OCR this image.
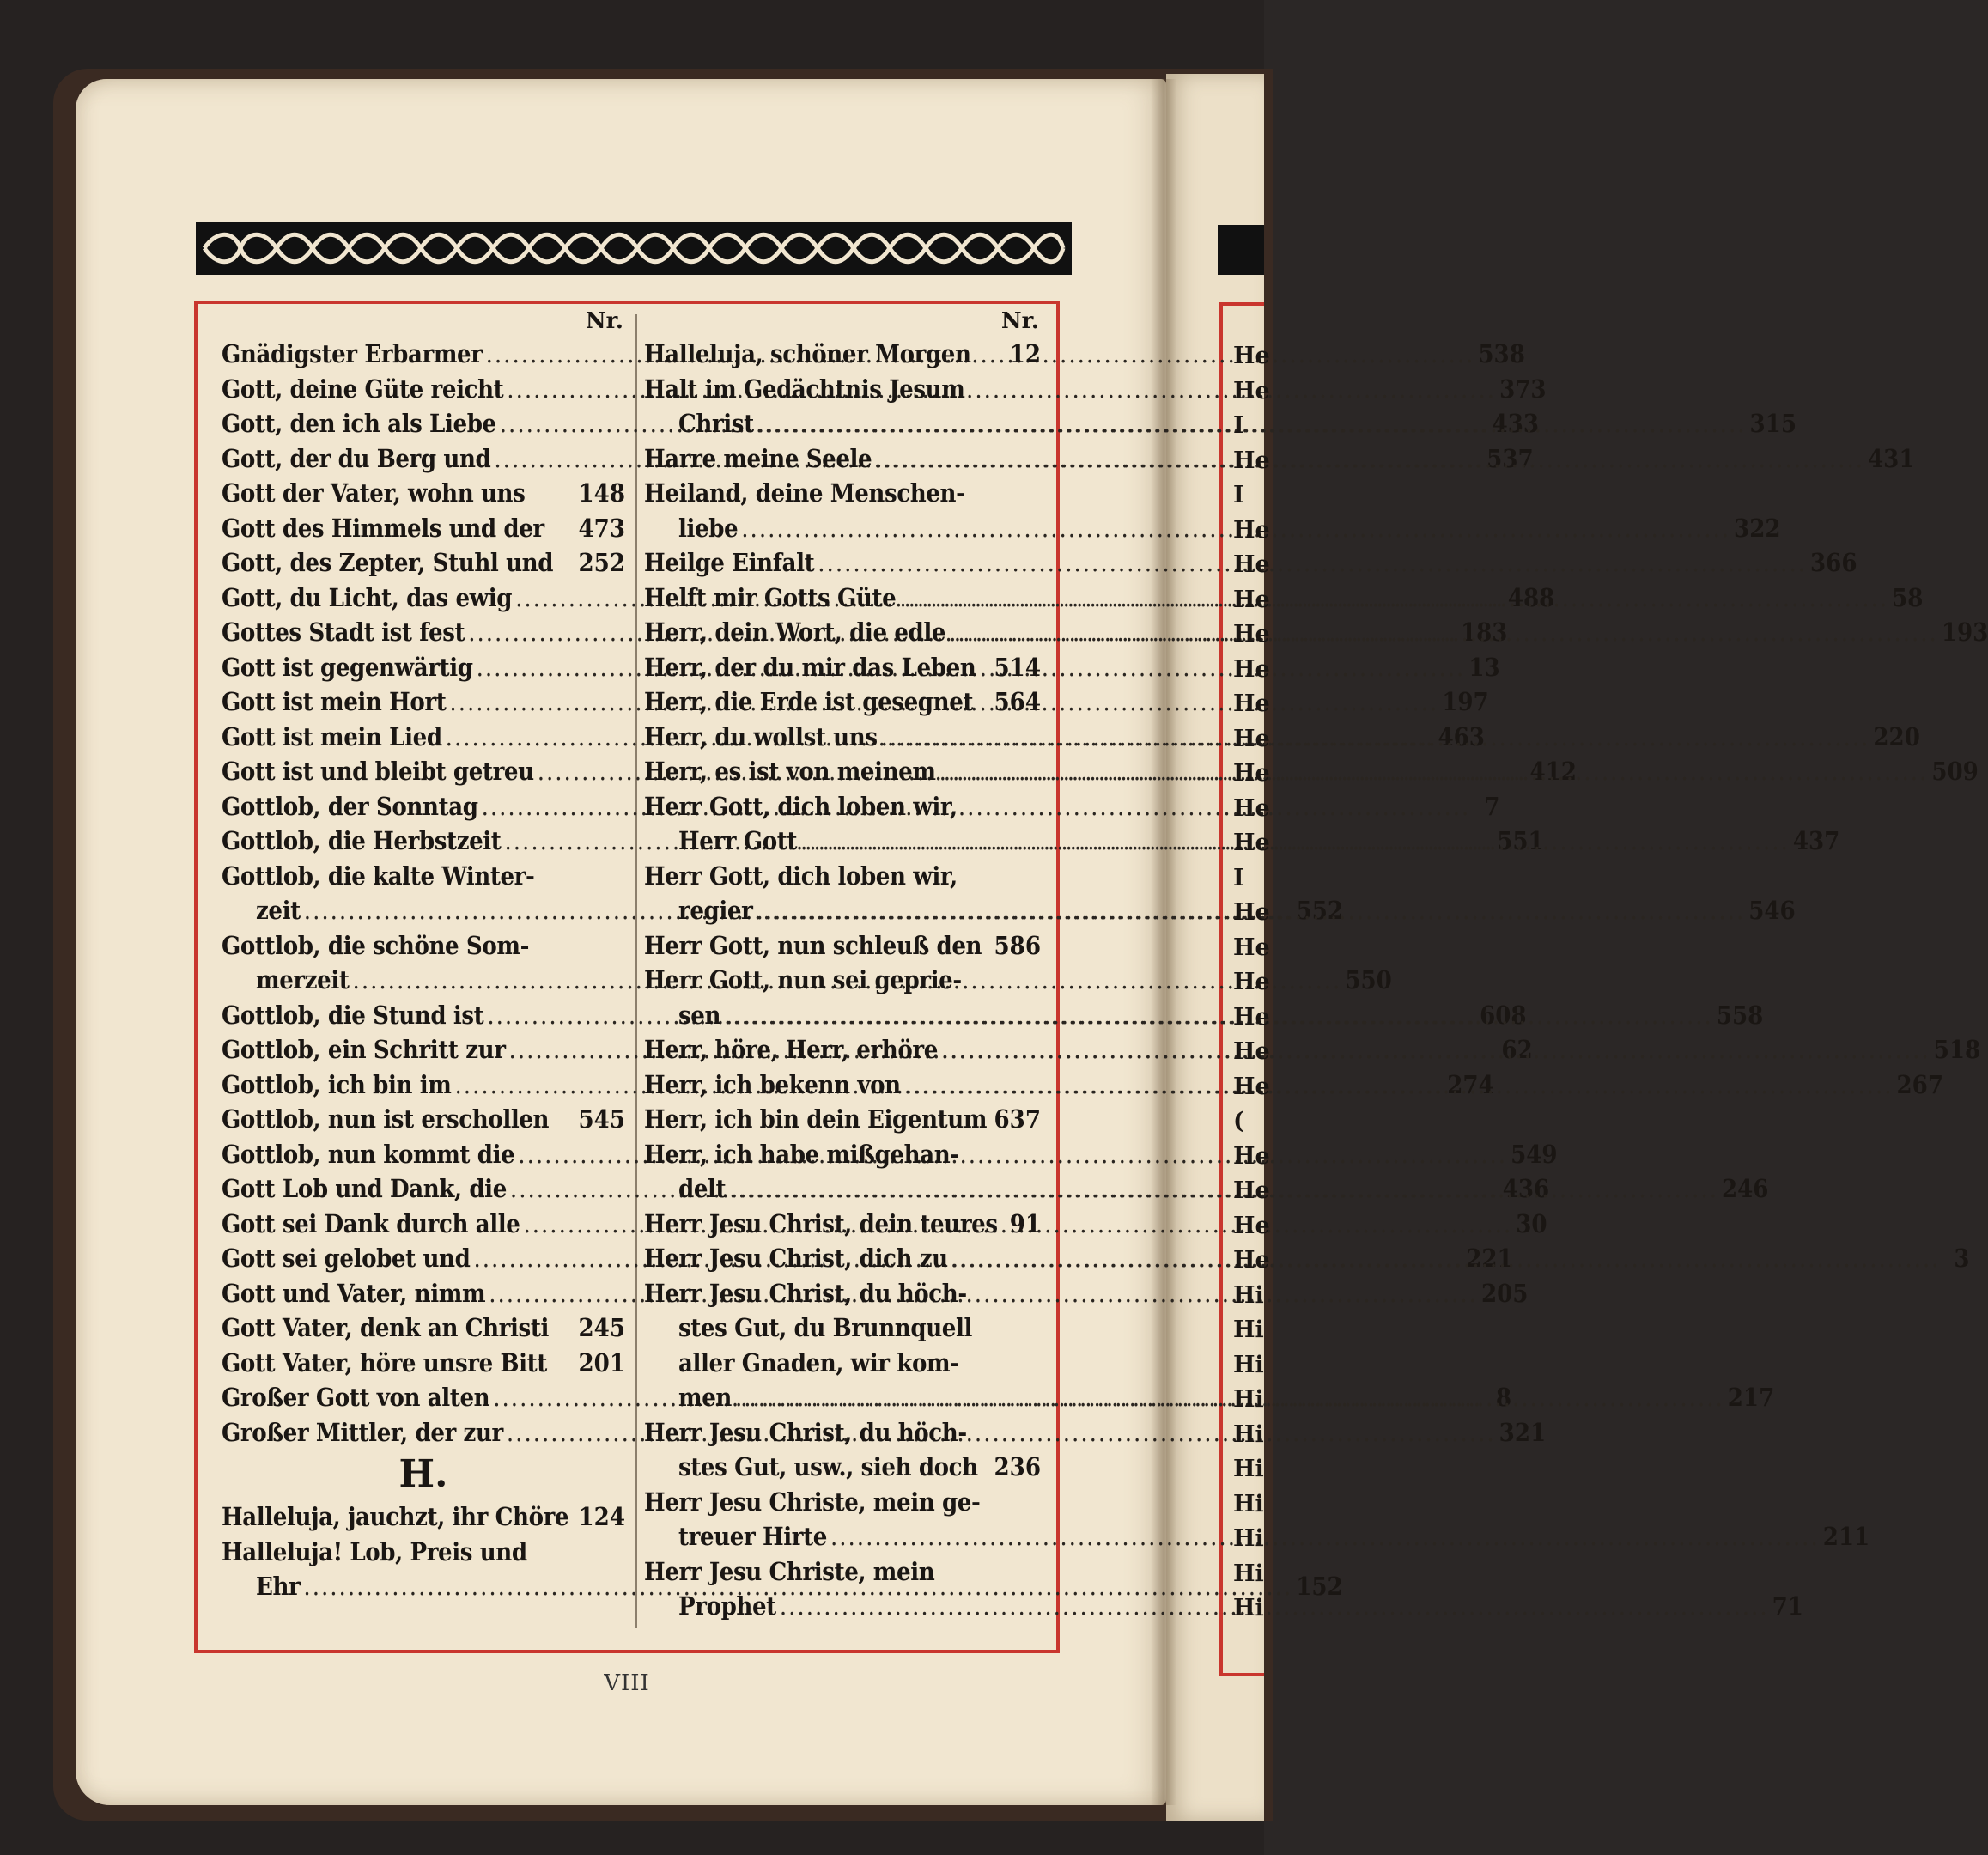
Nr.
Gnädigster Erbarmer .....	538
Gott, deine Güte reicht .....	373
Gott, den ich als Liebe .....	433
Gott, der du Berg und .....	537
Gott der Vater, wohn uns 148
Gott des Himmels und der 473
Gott, des Zepter, Stuhl und 252
Gott, du Licht, das ewig .....	488
Gottes Stadt ist fest .....	183
Gott ist gegenwärtig .....	13
Gott ist mein Hort .....	197
Gott ist mein Lied .....	463
Gott ist und bleibt getreu .....	412
Gottlob, der Sonntag .....	7
Gottlob, die Herbstzeit .....	551
Gottlob, die kalte Winter-
zeit .....	552
Gottlob, die schöne Som-
merzeit .....	550
Gottlob, die Stund ist .....	608
Gottlob, ein Schritt zur .....	62
Gottlob, ich bin im .....	274
Gottlob, nun ist erschollen 545
Gottlob, nun kommt die .....	549
Gott Lob und Dank, die .....	436
Gott sei Dank durch alle .....	30
Gott sei gelobet und .....	221
Gott und Vater, nimm .....	205
Gott Vater, denk an Christi 245
Gott Vater, höre unsre Bitt 201
Großer Gott von alten .....	8
Großer Mittler, der zur .....	321
H.
Halleluja, jauchzt, ihr Chöre 124
Halleluja! Lob, Preis und
Ehr .....	152
Nr.
Halleluja, schöner Morgen 12
Halt im Gedächtnis Jesum
Christ .....	315
Harre meine Seele .....	431
Heiland, deine Menschen-
liebe .....	322
Heilge Einfalt .....	366
Helft mir Gotts Güte .....	58
Herr, dein Wort, die edle .....	193
Herr, der du mir das Leben 514
Herr, die Erde ist gesegnet 564
Herr, du wollst uns .....	220
Herr, es ist von meinem .....	509
Herr Gott, dich loben wir,
Herr Gott .....	437
Herr Gott, dich loben wir,
regier .....	546
Herr Gott, nun schleuß den 586
Herr Gott, nun sei geprie-
sen .....	558
Herr, höre, Herr, erhöre .....	518
Herr, ich bekenn von .....	267
Herr, ich bin dein Eigentum 637
Herr, ich habe mißgehan-
delt .....	246
Herr Jesu Christ, dein teures 91
Herr Jesu Christ, dich zu .....	3
Herr Jesu Christ, du höch-
stes Gut, du Brunnquell
aller Gnaden, wir kom-
men .....	217
Herr Jesu Christ, du höch-
stes Gut, usw., sieh doch 236
Herr Jesu Christe, mein ge-
treuer Hirte .....	211
Herr Jesu Christe, mein
Prophet .....	71
He
He
I
He
I
He
He
He
He
He
He
He
He
He
He
I
He
He
He
He
He
He
(
He
He
He
He
Hi
Hi
Hi
Hi
Hi
Hi
Hi
Hi
Hi
Hi
VIII
